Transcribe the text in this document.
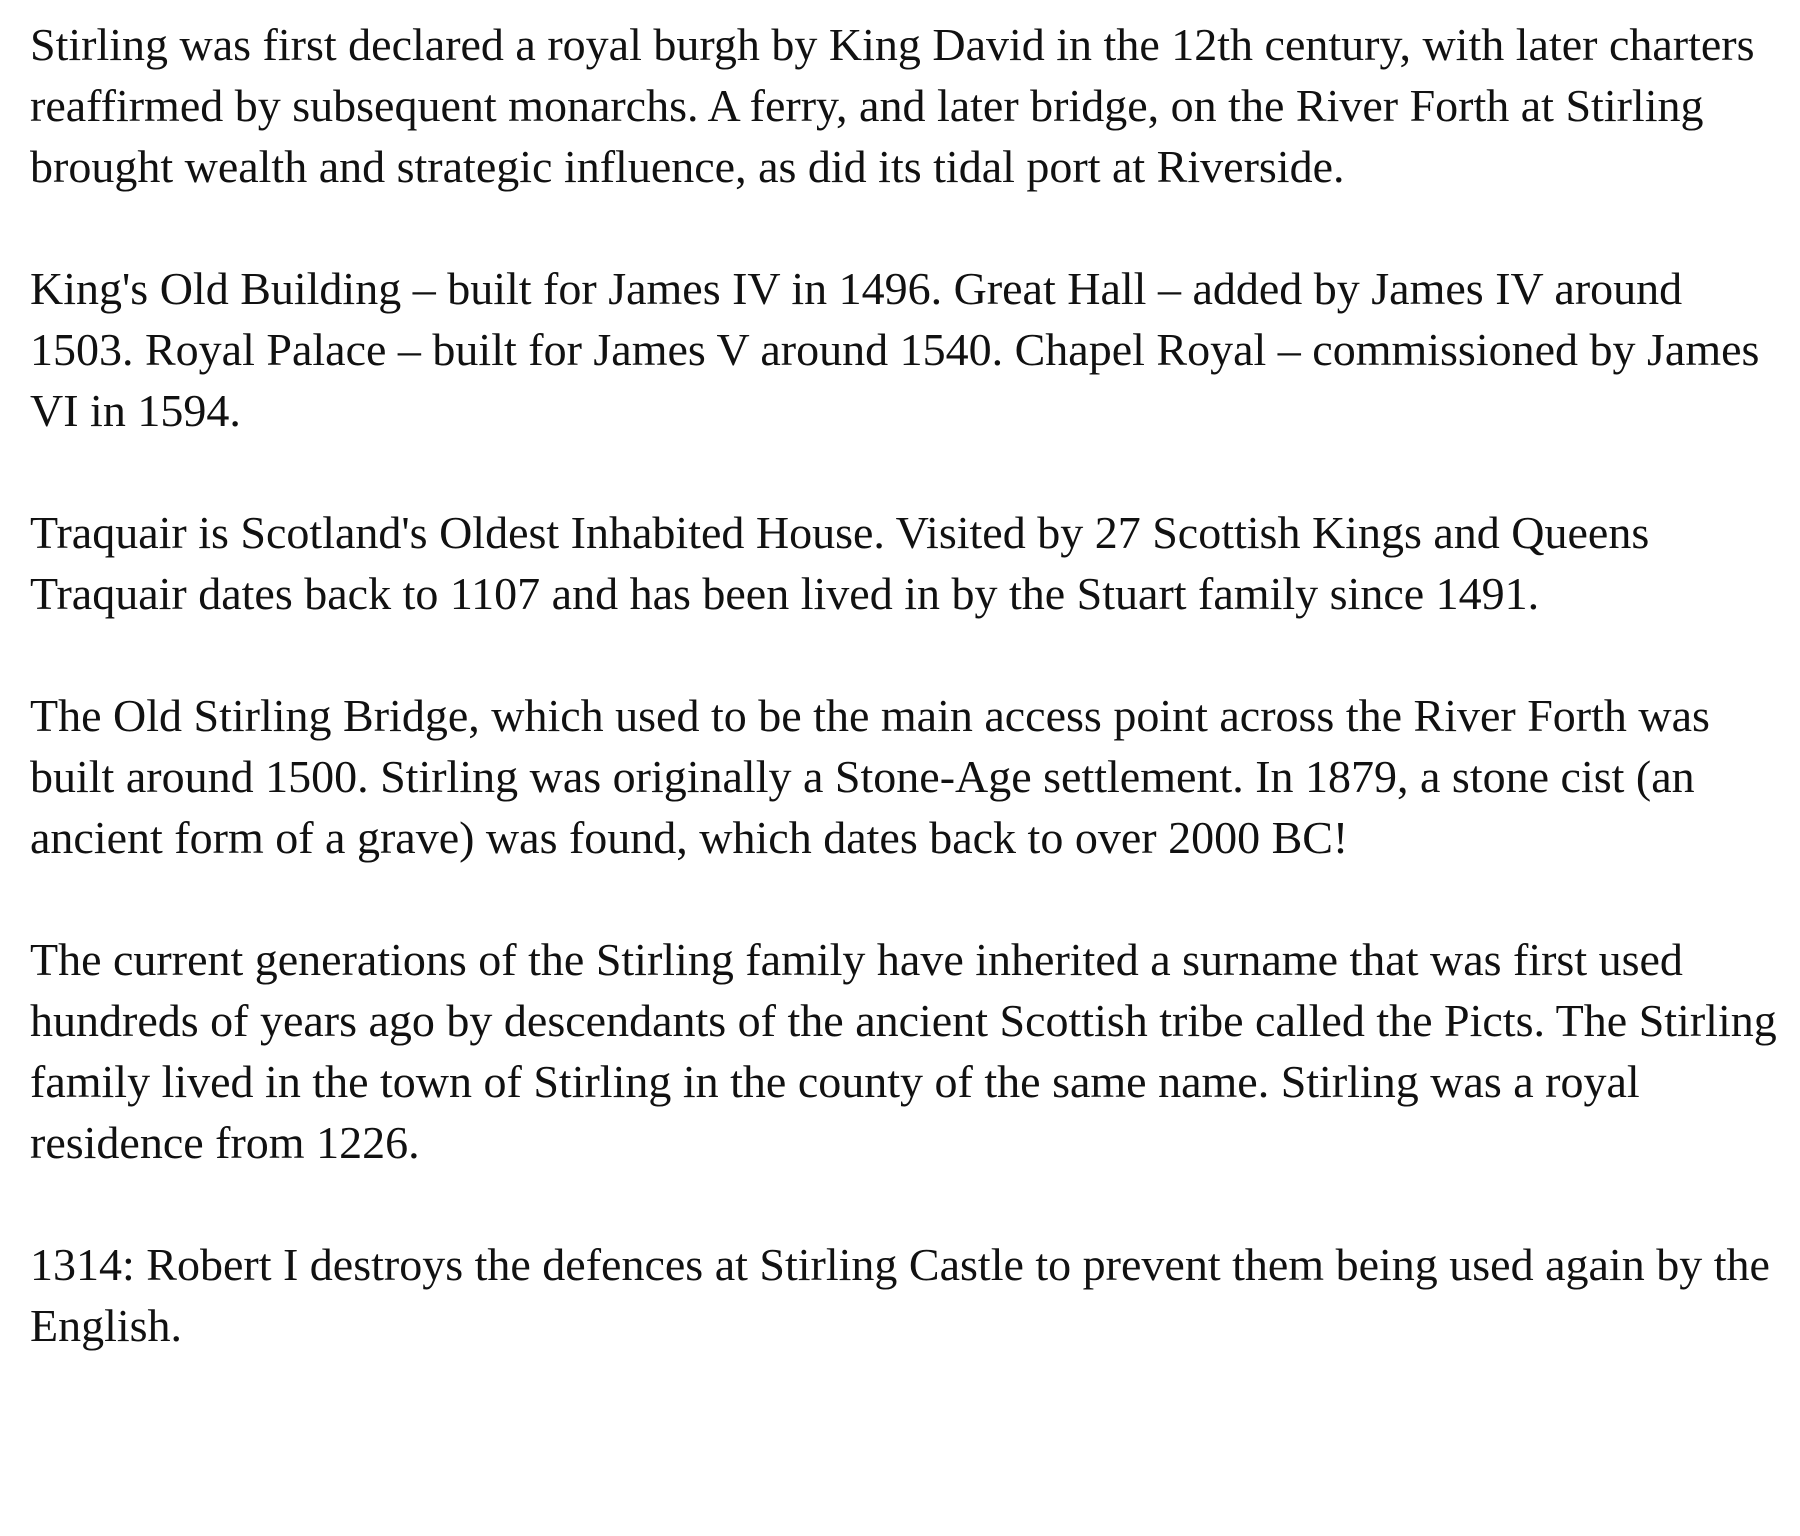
Stirling was first declared a royal burgh by King David in the 12th century, with later charters reaffirmed by subsequent monarchs. A ferry, and later bridge, on the River Forth at Stirling brought wealth and strategic influence, as did its tidal port at Riverside.

King's Old Building – built for James IV in 1496. Great Hall – added by James IV around 1503. Royal Palace – built for James V around 1540. Chapel Royal – commissioned by James VI in 1594.

Traquair is Scotland's Oldest Inhabited House. Visited by 27 Scottish Kings and Queens Traquair dates back to 1107 and has been lived in by the Stuart family since 1491.

The Old Stirling Bridge, which used to be the main access point across the River Forth was built around 1500. Stirling was originally a Stone-Age settlement. In 1879, a stone cist (an ancient form of a grave) was found, which dates back to over 2000 BC!

The current generations of the Stirling family have inherited a surname that was first used hundreds of years ago by descendants of the ancient Scottish tribe called the Picts. The Stirling family lived in the town of Stirling in the county of the same name. Stirling was a royal residence from 1226.

1314: Robert I destroys the defences at Stirling Castle to prevent them being used again by the English.
